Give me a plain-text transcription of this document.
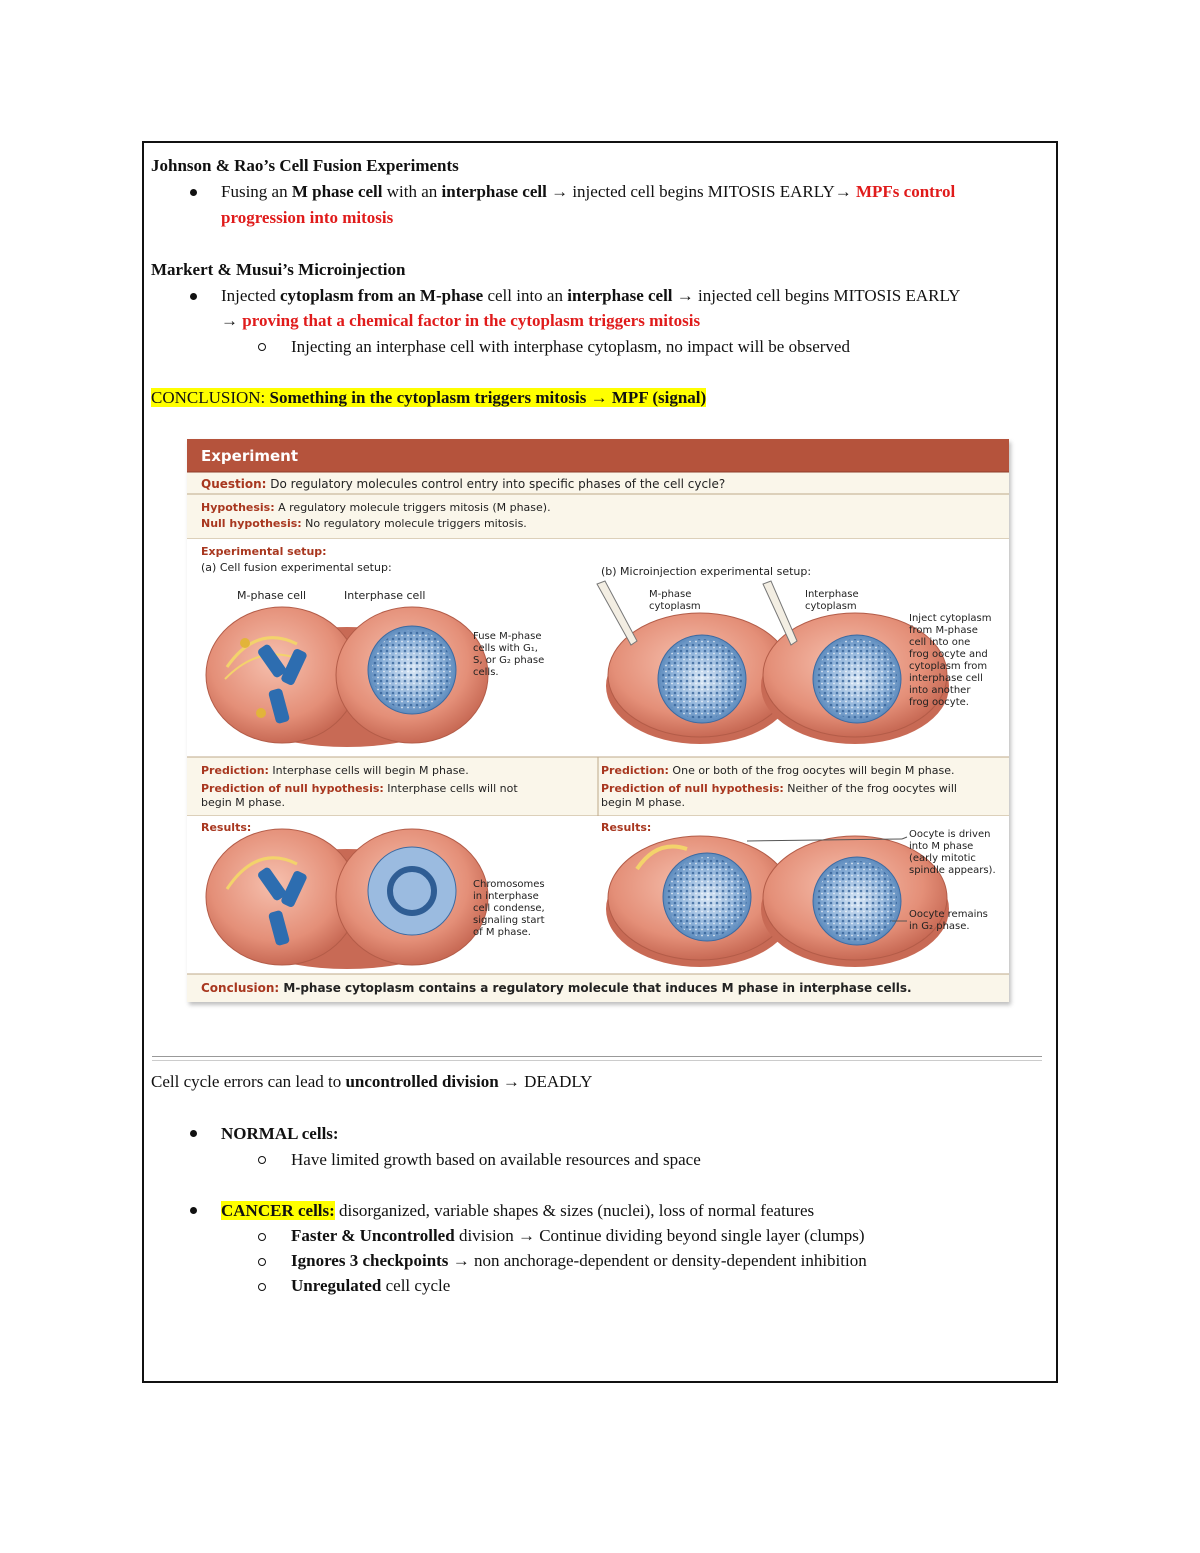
Johnson & Rao’s Cell Fusion Experiments
Fusing an M phase cell with an interphase cell → injected cell begins MITOSIS EARLY→ MPFs control
progression into mitosis
Markert & Musui’s Microinjection
Injected cytoplasm from an M-phase cell into an interphase cell → injected cell begins MITOSIS EARLY
→ proving that a chemical factor in the cytoplasm triggers mitosis
Injecting an interphase cell with interphase cytoplasm, no impact will be observed
CONCLUSION: Something in the cytoplasm triggers mitosis → MPF (signal)
Experiment
Question: Do regulatory molecules control entry into specific phases of the cell cycle?
Hypothesis: A regulatory molecule triggers mitosis (M phase).
Null hypothesis: No regulatory molecule triggers mitosis.
Experimental setup:
(a) Cell fusion experimental setup:	(b) Microinjection experimental setup:
M-phase cell	Interphase cell
Fuse M-phase
cells with G₁,
S, or G₂ phase
cells.
M-phase
cytoplasm
Interphase
cytoplasm
Inject cytoplasm
from M-phase
cell into one
frog oocyte and
cytoplasm from
interphase cell
into another
frog oocyte.
Prediction: Interphase cells will begin M phase.
Prediction of null hypothesis: Interphase cells will not
begin M phase.
Prediction: One or both of the frog oocytes will begin M phase.
Prediction of null hypothesis: Neither of the frog oocytes will
begin M phase.
Results:	Results:
Chromosomes
in interphase
cell condense,
signaling start
of M phase.
Oocyte is driven
into M phase
(early mitotic
spindle appears).
Oocyte remains
in G₂ phase.
Conclusion: M-phase cytoplasm contains a regulatory molecule that induces M phase in interphase cells.
Cell cycle errors can lead to uncontrolled division → DEADLY
NORMAL cells:
Have limited growth based on available resources and space
CANCER cells: disorganized, variable shapes & sizes (nuclei), loss of normal features
Faster & Uncontrolled division → Continue dividing beyond single layer (clumps)
Ignores 3 checkpoints → non anchorage-dependent or density-dependent inhibition
Unregulated cell cycle
